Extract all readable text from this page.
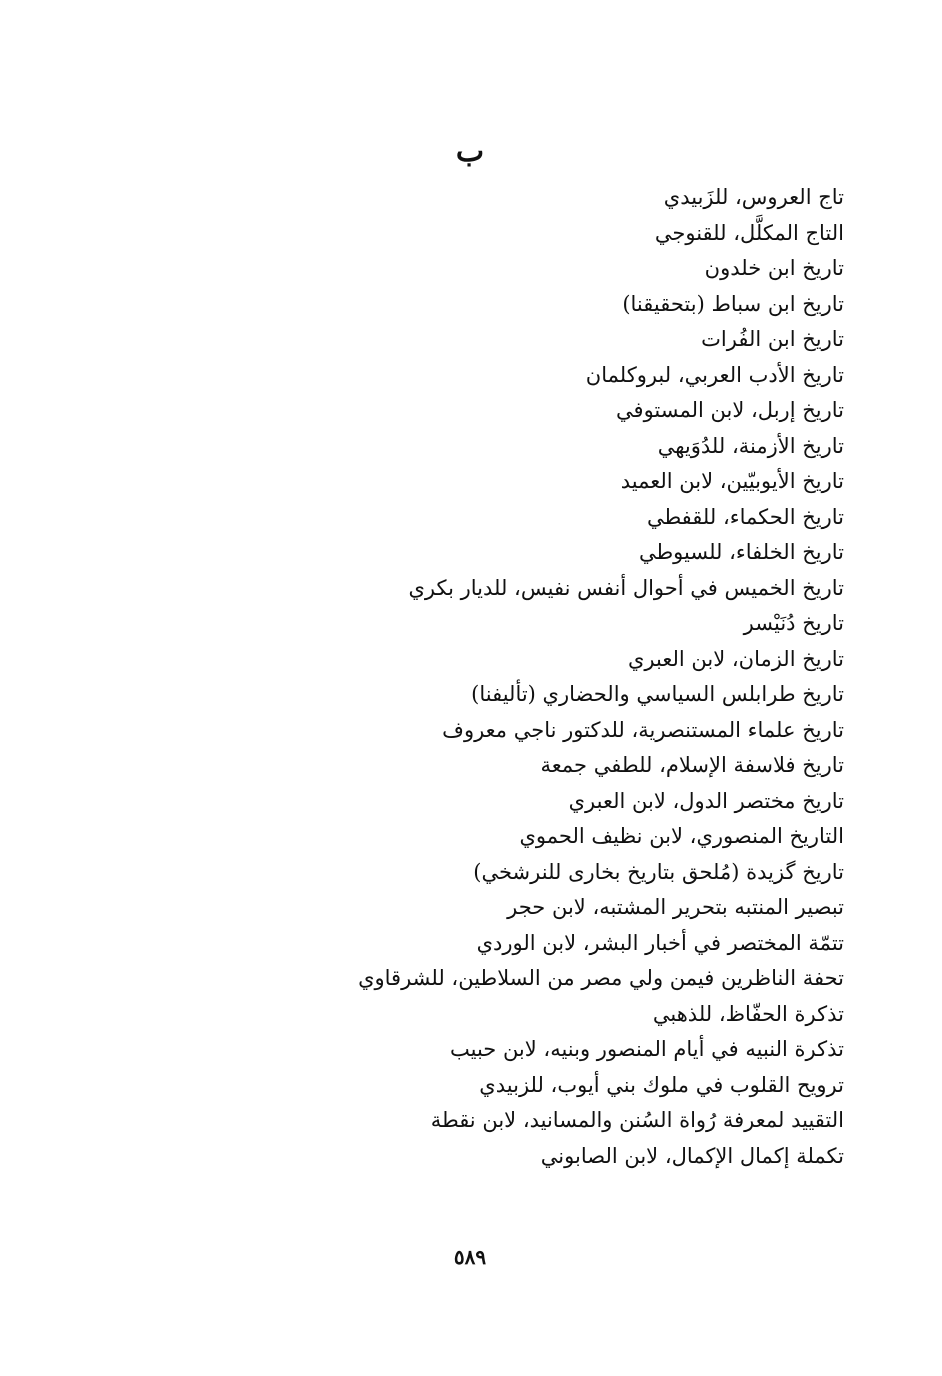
ب
تاج العروس، للزَبيدي
التاج المكلَّل، للقنوجي
تاريخ ابن خلدون
تاريخ ابن سباط (بتحقيقنا)
تاريخ ابن الفُرات
تاريخ الأدب العربي، لبروكلمان
تاريخ إربل، لابن المستوفي
تاريخ الأزمنة، للدُوَيهي
تاريخ الأيوبيّين، لابن العميد
تاريخ الحكماء، للقفطي
تاريخ الخلفاء، للسيوطي
تاريخ الخميس في أحوال أنفس نفيس، للديار بكري
تاريخ دُنَيْسر
تاريخ الزمان، لابن العبري
تاريخ طرابلس السياسي والحضاري (تأليفنا)
تاريخ علماء المستنصرية، للدكتور ناجي معروف
تاريخ فلاسفة الإسلام، للطفي جمعة
تاريخ مختصر الدول، لابن العبري
التاريخ المنصوري، لابن نظيف الحموي
تاريخ گزيدة (مُلحق بتاريخ بخارى للنرشخي)
تبصير المنتبه بتحرير المشتبه، لابن حجر
تتمّة المختصر في أخبار البشر، لابن الوردي
تحفة الناظرين فيمن ولي مصر من السلاطين، للشرقاوي
تذكرة الحفّاظ، للذهبي
تذكرة النبيه في أيام المنصور وبنيه، لابن حبيب
ترويح القلوب في ملوك بني أيوب، للزبيدي
التقييد لمعرفة رُواة السُنن والمسانيد، لابن نقطة
تكملة إكمال الإكمال، لابن الصابوني
٥٨٩
